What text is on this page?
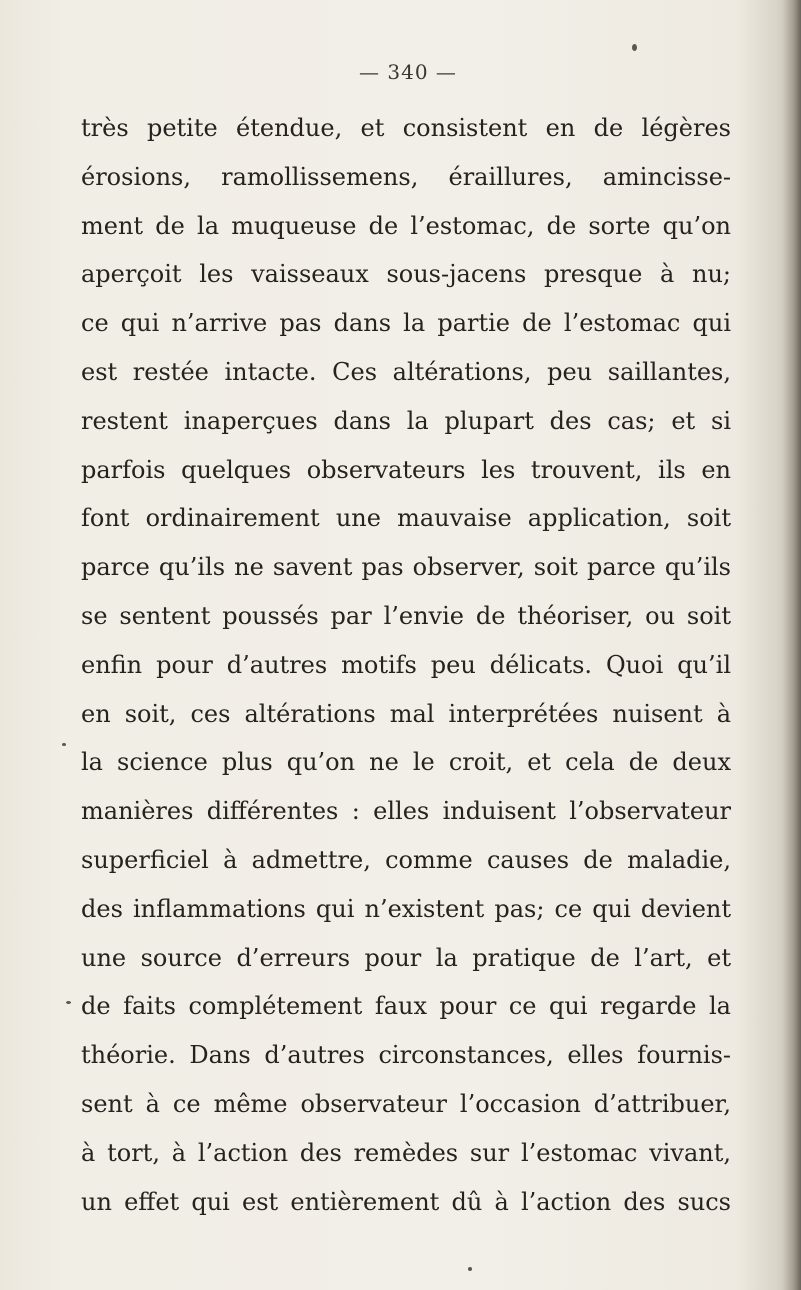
— 340 —
très petite étendue, et consistent en de légères
érosions, ramollissemens, éraillures, amincisse-
ment de la muqueuse de l’estomac, de sorte qu’on
aperçoit les vaisseaux sous-jacens presque à nu;
ce qui n’arrive pas dans la partie de l’estomac qui
est restée intacte. Ces altérations, peu saillantes,
restent inaperçues dans la plupart des cas; et si
parfois quelques observateurs les trouvent, ils en
font ordinairement une mauvaise application, soit
parce qu’ils ne savent pas observer, soit parce qu’ils
se sentent poussés par l’envie de théoriser, ou soit
enfin pour d’autres motifs peu délicats. Quoi qu’il
en soit, ces altérations mal interprétées nuisent à
la science plus qu’on ne le croit, et cela de deux
manières différentes : elles induisent l’observateur
superficiel à admettre, comme causes de maladie,
des inflammations qui n’existent pas; ce qui devient
une source d’erreurs pour la pratique de l’art, et
de faits complétement faux pour ce qui regarde la
théorie. Dans d’autres circonstances, elles fournis-
sent à ce même observateur l’occasion d’attribuer,
à tort, à l’action des remèdes sur l’estomac vivant,
un effet qui est entièrement dû à l’action des sucs
